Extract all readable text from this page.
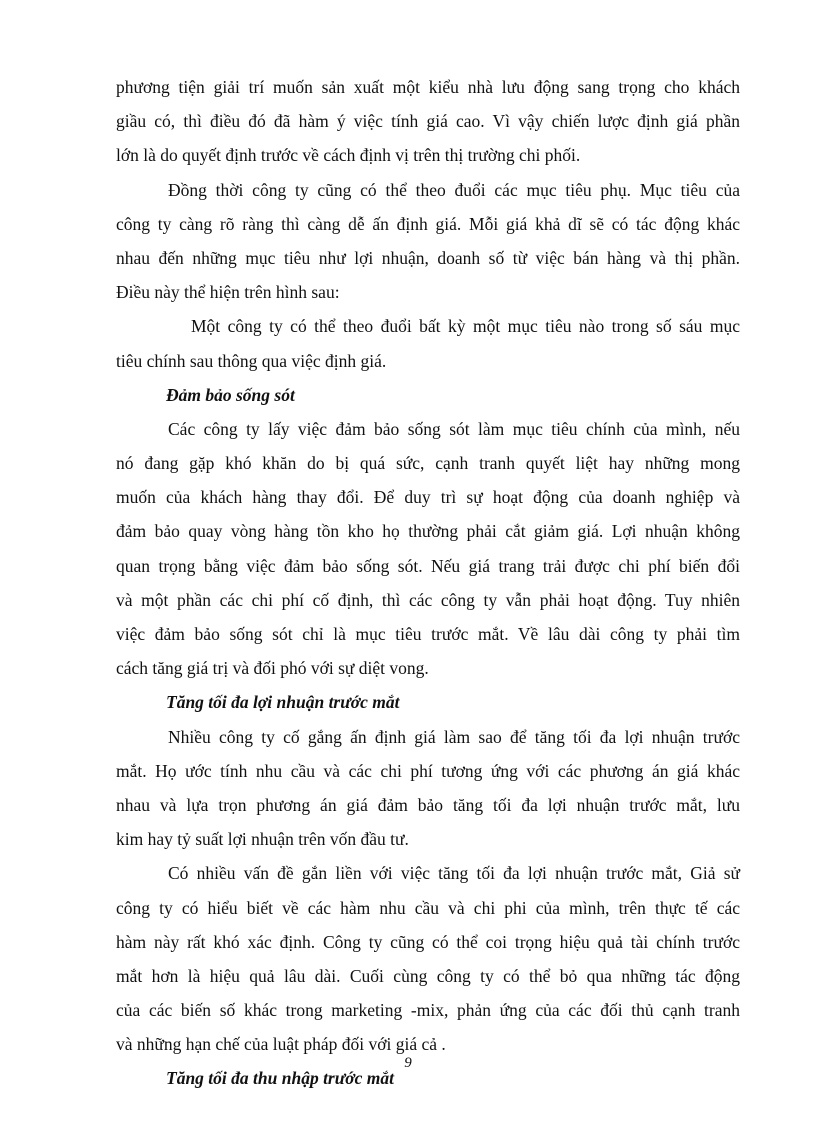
phương tiện giải trí muốn sản xuất một kiểu nhà lưu động sang trọng cho khách
giầu có, thì điều đó đã hàm ý việc tính giá cao. Vì vậy chiến lược định giá phần
lớn là do quyết định trước về cách định vị trên thị trường chi phối.
Đồng thời công ty cũng có thể theo đuổi các mục tiêu phụ. Mục tiêu của
công ty càng rõ ràng thì càng dễ ấn định giá. Mỗi giá khả dĩ sẽ có tác động khác
nhau đến những mục tiêu như lợi nhuận, doanh số từ việc bán hàng và thị phần.
Điều này thể hiện trên hình sau:
Một công ty có thể theo đuổi bất kỳ một mục tiêu nào trong số sáu mục
tiêu chính sau thông qua việc định giá.
Đảm bảo sống sót
Các công ty lấy việc đảm bảo sống sót làm mục tiêu chính của mình, nếu
nó đang gặp khó khăn do bị quá sức, cạnh tranh quyết liệt hay những mong
muốn của khách hàng thay đổi. Để duy trì sự hoạt động của doanh nghiệp và
đảm bảo quay vòng hàng tồn kho họ thường phải cắt giảm giá. Lợi nhuận không
quan trọng bằng việc đảm bảo sống sót. Nếu giá trang trải được chi phí biến đổi
và một phần các chi phí cố định, thì các công ty vẫn phải hoạt động. Tuy nhiên
việc đảm bảo sống sót chỉ là mục tiêu trước mắt. Về lâu dài công ty phải tìm
cách tăng giá trị và đối phó với sự diệt vong.
Tăng tối đa lợi nhuận trước mắt
Nhiều công ty cố gắng ấn định giá làm sao để tăng tối đa lợi nhuận trước
mắt. Họ ước tính nhu cầu và các chi phí tương ứng với các phương án giá khác
nhau và lựa trọn phương án giá đảm bảo tăng tối đa lợi nhuận trước mắt, lưu
kim hay tỷ suất lợi nhuận trên vốn đầu tư.
Có nhiều vấn đề gắn liền với việc tăng tối đa lợi nhuận trước mắt, Giả sử
công ty có hiểu biết về các hàm nhu cầu và chi phi của mình, trên thực tế các
hàm này rất khó xác định. Công ty cũng có thể coi trọng hiệu quả tài chính trước
mắt hơn là hiệu quả lâu dài. Cuối cùng công ty có thể bỏ qua những tác động
của các biến số khác trong marketing -mix, phản ứng của các đối thủ cạnh tranh
và những hạn chế của luật pháp đối với giá cả .
Tăng tối đa thu nhập trước mắt
9
